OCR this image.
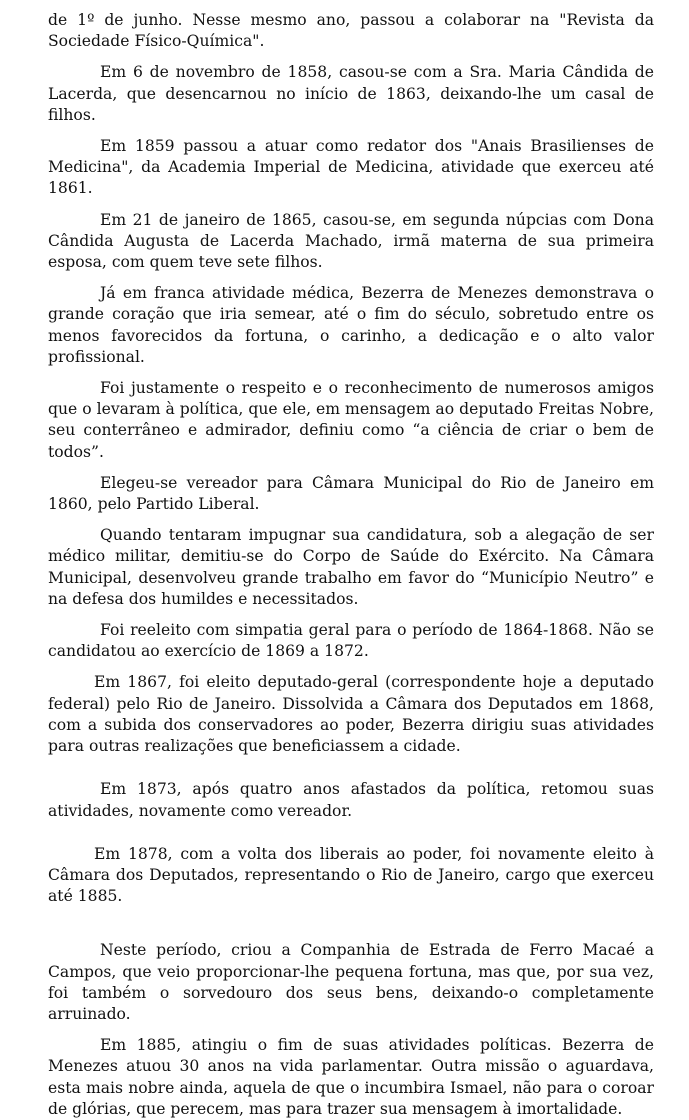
de 1º de junho. Nesse mesmo ano, passou a colaborar na "Revista da Sociedade Físico-Química".

Em 6 de novembro de 1858, casou-se com a Sra. Maria Cândida de Lacerda, que desencarnou no início de 1863, deixando-lhe um casal de filhos.

Em 1859 passou a atuar como redator dos "Anais Brasilienses de Medicina", da Academia Imperial de Medicina, atividade que exerceu até 1861.

Em 21 de janeiro de 1865, casou-se, em segunda núpcias com Dona Cândida Augusta de Lacerda Machado, irmã materna de sua primeira esposa, com quem teve sete filhos.

Já em franca atividade médica, Bezerra de Menezes demonstrava o grande coração que iria semear, até o fim do século, sobretudo entre os menos favorecidos da fortuna, o carinho, a dedicação e o alto valor profissional.

Foi justamente o respeito e o reconhecimento de numerosos amigos que o levaram à política, que ele, em mensagem ao deputado Freitas Nobre, seu conterrâneo e admirador, definiu como “a ciência de criar o bem de todos”.

Elegeu-se vereador para Câmara Municipal do Rio de Janeiro em 1860, pelo Partido Liberal.

Quando tentaram impugnar sua candidatura, sob a alegação de ser médico militar, demitiu-se do Corpo de Saúde do Exército. Na Câmara Municipal, desenvolveu grande trabalho em favor do “Município Neutro” e na defesa dos humildes e necessitados.

Foi reeleito com simpatia geral para o período de 1864-1868. Não se candidatou ao exercício de 1869 a 1872.

Em 1867, foi eleito deputado-geral (correspondente hoje a deputado federal) pelo Rio de Janeiro. Dissolvida a Câmara dos Deputados em 1868, com a subida dos conservadores ao poder, Bezerra dirigiu suas atividades para outras realizações que beneficiassem a cidade.

Em 1873, após quatro anos afastados da política, retomou suas atividades, novamente como vereador.

Em 1878, com a volta dos liberais ao poder, foi novamente eleito à Câmara dos Deputados, representando o Rio de Janeiro, cargo que exerceu até 1885.

Neste período, criou a Companhia de Estrada de Ferro Macaé a Campos, que veio proporcionar-lhe pequena fortuna, mas que, por sua vez, foi também o sorvedouro dos seus bens, deixando-o completamente arruinado.

Em 1885, atingiu o fim de suas atividades políticas. Bezerra de Menezes atuou 30 anos na vida parlamentar. Outra missão o aguardava, esta mais nobre ainda, aquela de que o incumbira Ismael, não para o coroar de glórias, que perecem, mas para trazer sua mensagem à imortalidade.
